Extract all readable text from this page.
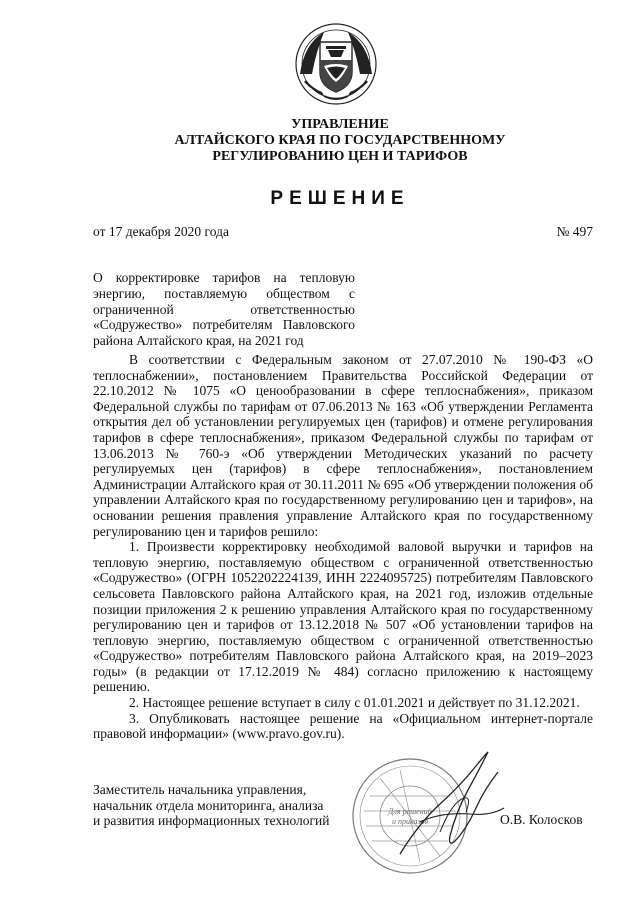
УПРАВЛЕНИЕ
АЛТАЙСКОГО КРАЯ ПО ГОСУДАРСТВЕННОМУ
РЕГУЛИРОВАНИЮ ЦЕН И ТАРИФОВ
РЕШЕНИЕ
от 17 декабря 2020 года	№ 497
О корректировке тарифов на тепловую энергию, поставляемую обществом с ограниченной ответственностью «Содружество» потребителям Павловского района Алтайского края, на 2021 год

В соответствии с Федеральным законом от 27.07.2010 № 190-ФЗ «О теплоснабжении», постановлением Правительства Российской Федерации от 22.10.2012 № 1075 «О ценообразовании в сфере теплоснабжения», приказом Федеральной службы по тарифам от 07.06.2013 № 163 «Об утверждении Регламента открытия дел об установлении регулируемых цен (тарифов) и отмене регулирования тарифов в сфере теплоснабжения», приказом Федеральной службы по тарифам от 13.06.2013 № 760-э «Об утверждении Методических указаний по расчету регулируемых цен (тарифов) в сфере теплоснабжения», постановлением Администрации Алтайского края от 30.11.2011 № 695 «Об утверждении положения об управлении Алтайского края по государственному регулированию цен и тарифов», на основании решения правления управление Алтайского края по государственному регулированию цен и тарифов решило:

1. Произвести корректировку необходимой валовой выручки и тарифов на тепловую энергию, поставляемую обществом с ограниченной ответственностью «Содружество» (ОГРН 1052202224139, ИНН 2224095725) потребителям Павловского сельсовета Павловского района Алтайского края, на 2021 год, изложив отдельные позиции приложения 2 к решению управления Алтайского края по государственному регулированию цен и тарифов от 13.12.2018 № 507 «Об установлении тарифов на тепловую энергию, поставляемую обществом с ограниченной ответственностью «Содружество» потребителям Павловского района Алтайского края, на 2019–2023 годы» (в редакции от 17.12.2019 № 484) согласно приложению к настоящему решению.

2. Настоящее решение вступает в силу с 01.01.2021 и действует по 31.12.2021.

3. Опубликовать настоящее решение на «Официальном интернет-портале правовой информации» (www.pravo.gov.ru).

Заместитель начальника управления,
начальник отдела мониторинга, анализа
и развития информационных технологий
Для решений
и приказов	О.В. Колосков
